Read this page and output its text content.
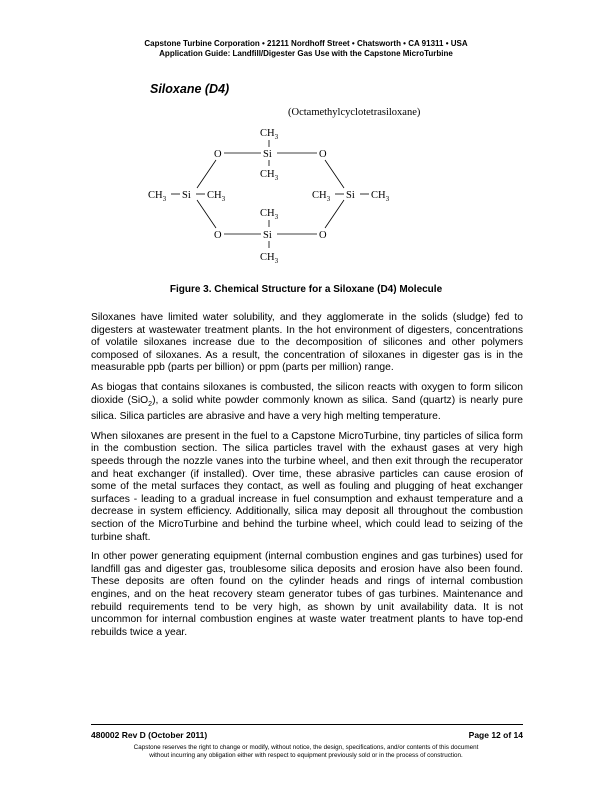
Capstone Turbine Corporation • 21211 Nordhoff Street • Chatsworth • CA 91311 • USA
Application Guide: Landfill/Digester Gas Use with the Capstone MicroTurbine
Siloxane (D4)
(Octamethylcyclotetrasiloxane)
$CH_3$
O	Si	O
$CH_3$
$CH_3$ Si $CH_3$	$CH_3$ Si $CH_3$
$CH_3$
O	Si	O
$CH_3$
Figure 3. Chemical Structure for a Siloxane (D4) Molecule

Siloxanes have limited water solubility, and they agglomerate in the solids (sludge) fed to digesters at wastewater treatment plants. In the hot environment of digesters, concentrations of volatile siloxanes increase due to the decomposition of silicones and other polymers composed of siloxanes. As a result, the concentration of siloxanes in digester gas is in the measurable ppb (parts per billion) or ppm (parts per million) range.

As biogas that contains siloxanes is combusted, the silicon reacts with oxygen to form silicon dioxide (SiO$_2$), a solid white powder commonly known as silica. Sand (quartz) is nearly pure silica. Silica particles are abrasive and have a very high melting temperature.

When siloxanes are present in the fuel to a Capstone MicroTurbine, tiny particles of silica form in the combustion section. The silica particles travel with the exhaust gases at very high speeds through the nozzle vanes into the turbine wheel, and then exit through the recuperator and heat exchanger (if installed). Over time, these abrasive particles can cause erosion of some of the metal surfaces they contact, as well as fouling and plugging of heat exchanger surfaces - leading to a gradual increase in fuel consumption and exhaust temperature and a decrease in system efficiency. Additionally, silica may deposit all throughout the combustion section of the MicroTurbine and behind the turbine wheel, which could lead to seizing of the turbine shaft.

In other power generating equipment (internal combustion engines and gas turbines) used for landfill gas and digester gas, troublesome silica deposits and erosion have also been found. These deposits are often found on the cylinder heads and rings of internal combustion engines, and on the heat recovery steam generator tubes of gas turbines. Maintenance and rebuild requirements tend to be very high, as shown by unit availability data. It is not uncommon for internal combustion engines at waste water treatment plants to have top-end rebuilds twice a year.

480002 Rev D (October 2011)	Page 12 of 14
Capstone reserves the right to change or modify, without notice, the design, specifications, and/or contents of this document
without incurring any obligation either with respect to equipment previously sold or in the process of construction.
